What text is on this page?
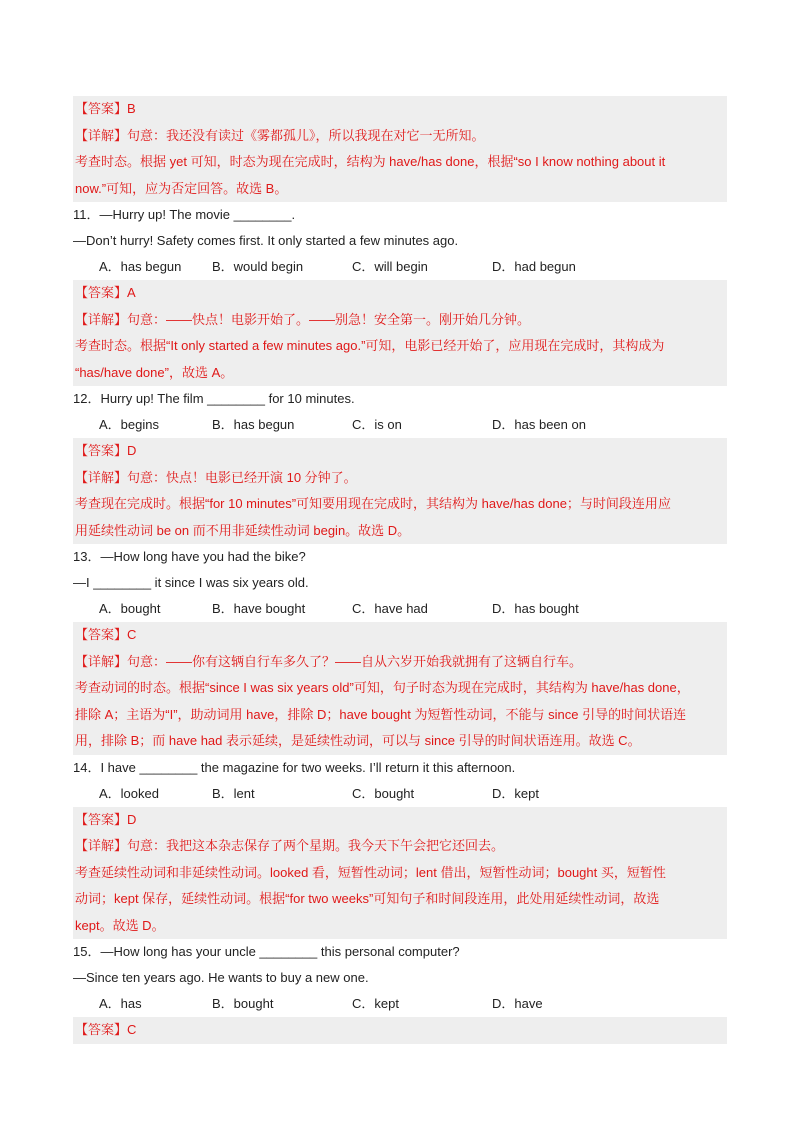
【答案】B
【详解】句意：我还没有读过《雾都孤儿》，所以我现在对它一无所知。
考查时态。根据 yet 可知，时态为现在完成时，结构为 have/has done，根据“so I know nothing about it
now.”可知，应为否定回答。故选 B。
11．—Hurry up! The movie ________.
—Don’t hurry! Safety comes first. It only started a few minutes ago.
A．has begun B．would begin	C．will begin	D．had begun
【答案】A
【详解】句意：——快点！电影开始了。——别急！安全第一。刚开始几分钟。
考查时态。根据“It only started a few minutes ago.”可知，电影已经开始了，应用现在完成时，其构成为
“has/have done”，故选 A。
12．Hurry up! The film ________ for 10 minutes.
A．begins	B．has begun	C．is on	D．has been on
【答案】D
【详解】句意：快点！电影已经开演 10 分钟了。
考查现在完成时。根据“for 10 minutes”可知要用现在完成时，其结构为 have/has done；与时间段连用应
用延续性动词 be on 而不用非延续性动词 begin。故选 D。
13．—How long have you had the bike?
—I ________ it since I was six years old.
A．bought	B．have bought	C．have had	D．has bought
【答案】C
【详解】句意：——你有这辆自行车多久了？——自从六岁开始我就拥有了这辆自行车。
考查动词的时态。根据“since I was six years old”可知，句子时态为现在完成时，其结构为 have/has done，
排除 A；主语为“I”，助动词用 have，排除 D；have bought 为短暂性动词，不能与 since 引导的时间状语连
用，排除 B；而 have had 表示延续，是延续性动词，可以与 since 引导的时间状语连用。故选 C。
14．I have ________ the magazine for two weeks. I’ll return it this afternoon.
A．looked	B．lent	C．bought	D．kept
【答案】D
【详解】句意：我把这本杂志保存了两个星期。我今天下午会把它还回去。
考查延续性动词和非延续性动词。looked 看，短暂性动词；lent 借出，短暂性动词；bought 买，短暂性
动词；kept 保存，延续性动词。根据“for two weeks”可知句子和时间段连用，此处用延续性动词，故选
kept。故选 D。
15．—How long has your uncle ________ this personal computer?
—Since ten years ago. He wants to buy a new one.
A．has	B．bought	C．kept	D．have
【答案】C
